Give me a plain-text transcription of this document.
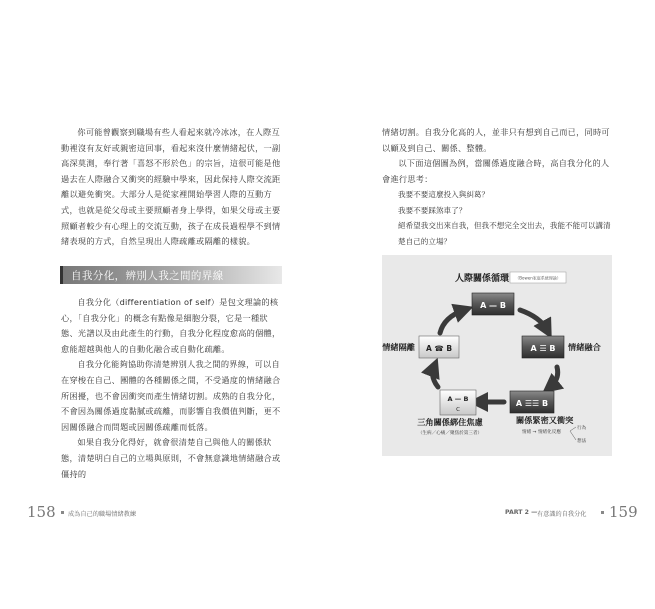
你可能曾觀察到職場有些人看起來就冷冰冰，在人際互動裡沒有友好或親密這回事，看起來沒什麼情緒起伏，一副高深莫測，奉行著「喜怒不形於色」的宗旨，這很可能是他過去在人際融合又衝突的經驗中學來，因此保持人際交流距離以避免衝突。大部分人是從家裡開始學習人際的互動方式，也就是從父母或主要照顧者身上學得，如果父母或主要照顧者較少有心理上的交流互動，孩子在成長過程學不到情緒表現的方式，自然呈現出人際疏離或隔離的樣貌。

自我分化，辨別人我之間的界線

自我分化（differentiation of self）是包文理論的核心，「自我分化」的概念有點像是細胞分裂，它是一種狀態、光譜以及由此產生的行動，自我分化程度愈高的個體，愈能超越與他人的自動化融合或自動化疏離。

自我分化能夠協助你清楚辨別人我之間的界線，可以自在穿梭在自己、團體的各種關係之間，不受過度的情緒融合所困擾，也不會因衝突而產生情緒切割。成熟的自我分化，不會因為關係過度黏膩或疏離，而影響自我價值判斷，更不因關係融合而問題或因關係疏離而低落。

如果自我分化得好，就會很清楚自己與他人的關係狀態，清楚明白自己的立場與原則，不會無意識地情緒融合或僵持的

158 成為自己的職場情緒教練

情緒切割。自我分化高的人，並非只有想到自己而已，同時可以顧及到自己、關係、整體。

以下面這個圖為例，當關係過度融合時，高自我分化的人會進行思考：

159
PART 2 — 有意識的自我分化
我要不要這麼投入與糾葛？
我要不要踩煞車了？
絕希望我交出來自我，但我不想完全交出去，我能不能可以講清楚自己的立場？
人際關係循環 （Bowen家庭系統理論）
A — B
A ☰ B
A ☰☰ B
A — B
C
A ☎ B	情緒融合
情緒隔離
關係緊密又衝突
三角關係綁住焦慮
（生病／心痛／聚焦於第三者）	情緒 → 情緒化反應
行為
想法
